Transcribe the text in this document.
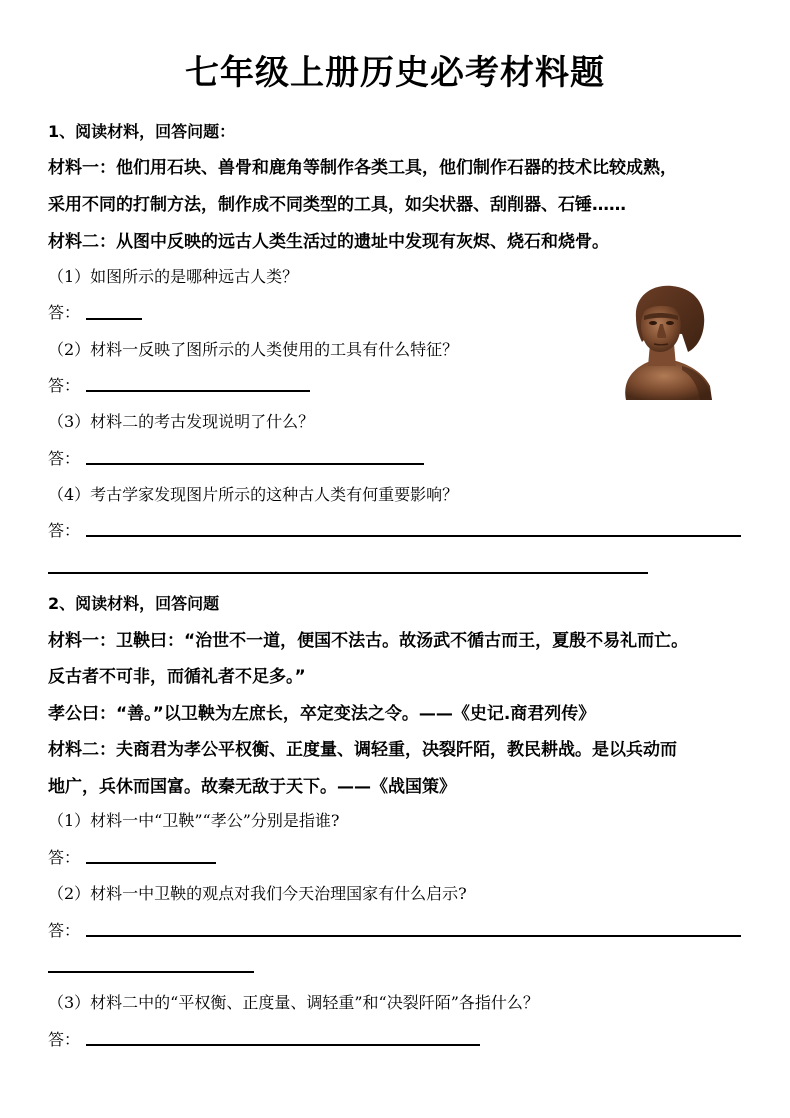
七年级上册历史必考材料题
1、阅读材料，回答问题：
材料一：他们用石块、兽骨和鹿角等制作各类工具，他们制作石器的技术比较成熟，
采用不同的打制方法，制作成不同类型的工具，如尖状器、刮削器、石锤……
材料二：从图中反映的远古人类生活过的遗址中发现有灰烬、烧石和烧骨。
（1）如图所示的是哪种远古人类？
答：
（2）材料一反映了图所示的人类使用的工具有什么特征？
答：
（3）材料二的考古发现说明了什么？
答：
（4）考古学家发现图片所示的这种古人类有何重要影响？
答：
2、阅读材料，回答问题
材料一：卫鞅曰：“治世不一道，便国不法古。故汤武不循古而王，夏殷不易礼而亡。
反古者不可非，而循礼者不足多。”
孝公曰：“善。”以卫鞅为左庶长，卒定变法之令。——《史记.商君列传》
材料二：夫商君为孝公平权衡、正度量、调轻重，决裂阡陌，教民耕战。是以兵动而
地广，兵休而国富。故秦无敌于天下。——《战国策》
（1）材料一中“卫鞅”“孝公”分别是指谁?
答：
（2）材料一中卫鞅的观点对我们今天治理国家有什么启示?
答：
（3）材料二中的“平权衡、正度量、调轻重”和“决裂阡陌”各指什么？
答：
